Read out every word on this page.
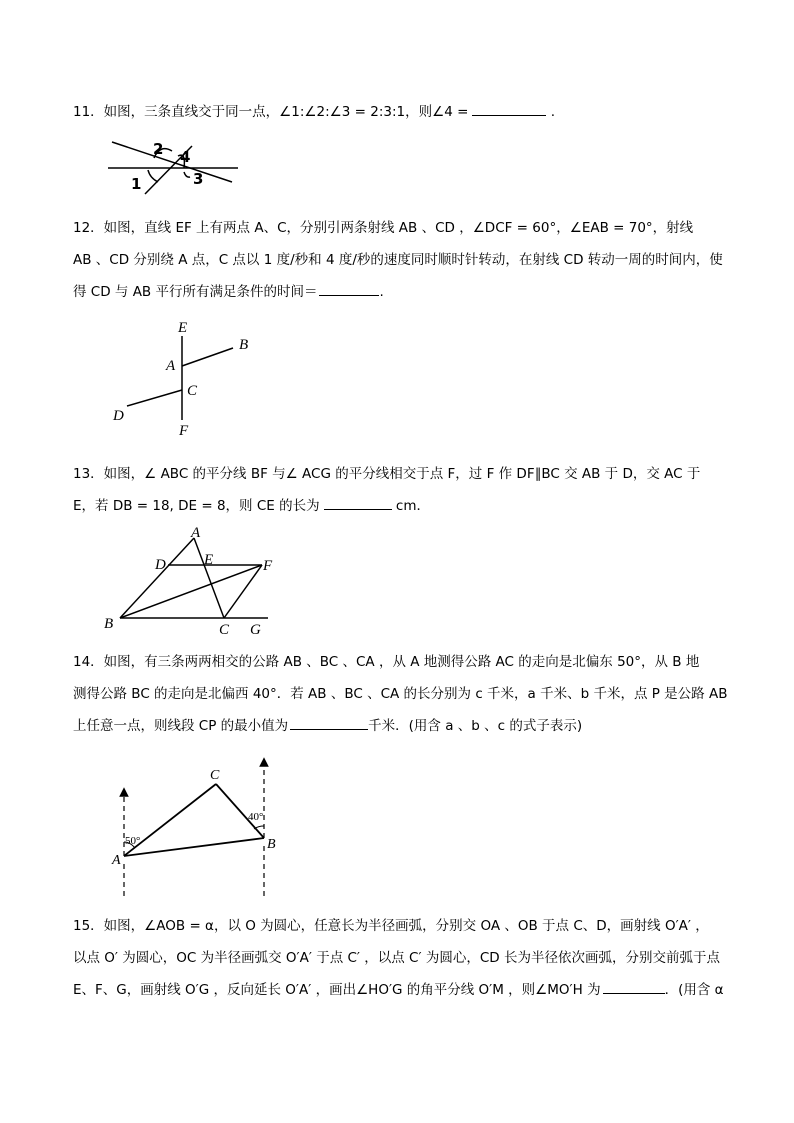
11．如图，三条直线交于同一点，∠1:∠2:∠3 = 2:3:1，则∠4 =	.
2 4
1	3
12．如图，直线 EF 上有两点 A、C，分别引两条射线 AB 、CD ，∠DCF = 60°，∠EAB = 70°，射线
AB 、CD 分别绕 A 点，C 点以 1 度/秒和 4 度/秒的速度同时顺时针转动，在射线 CD 转动一周的时间内，使
得 CD 与 AB 平行所有满足条件的时间＝	.
E
A
B
C
D
F
13．如图，∠ ABC 的平分线 BF 与∠ ACG 的平分线相交于点 F，过 F 作 DF∥BC 交 AB 于 D，交 AC 于
E，若 DB = 18, DE = 8，则 CE 的长为	cm．
A
D	E	F
B	C G
14．如图，有三条两两相交的公路 AB 、BC 、CA ，从 A 地测得公路 AC 的走向是北偏东 50°，从 B 地
测得公路 BC 的走向是北偏西 40°．若 AB 、BC 、CA 的长分别为 c 千米，a 千米、b 千米，点 P 是公路 AB
上任意一点，则线段 CP 的最小值为	千米．(用含 a 、b 、c 的式子表示)
C
A
B
50°
40°
15．如图，∠AOB = α，以 O 为圆心，任意长为半径画弧，分别交 OA 、OB 于点 C、D，画射线 O′A′ ，
以点 O′ 为圆心，OC 为半径画弧交 O′A′ 于点 C′ ，以点 C′ 为圆心，CD 长为半径依次画弧，分别交前弧于点
E、F、G，画射线 O′G ，反向延长 O′A′ ，画出∠HO′G 的角平分线 O′M ，则∠MO′H 为	．(用含 α
